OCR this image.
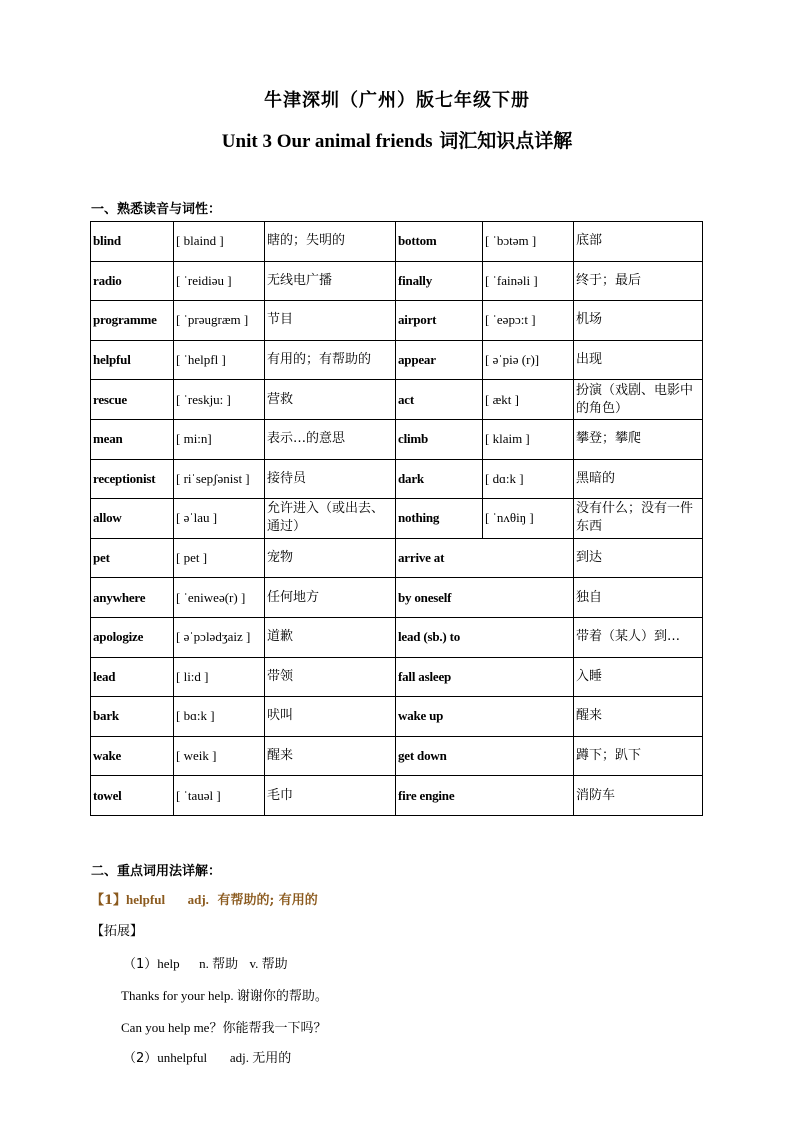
牛津深圳（广州）版七年级下册
Unit 3 Our animal friends 词汇知识点详解
一、熟悉读音与词性：
blind	[ blaind ]	瞎的；失明的	bottom	[ ˈbɔtəm ]	底部
radio	[ ˈreidiəu ]	无线电广播	finally	[ ˈfainəli ]	终于；最后
programme	[ ˈprəugræm ]	节目	airport	[ ˈeəpɔ:t ]	机场
helpful	[ ˈhelpfl ]	有用的；有帮助的	appear	[ əˈpiə (r)]	出现
rescue	[ ˈreskju: ]	营救	act	[ ækt ]	扮演（戏剧、电影中的角色）
mean	[ mi:n]	表示…的意思	climb	[ klaim ]	攀登；攀爬
receptionist	[ riˈsepʃənist ]	接待员	dark	[ dɑ:k ]	黑暗的
allow	[ əˈlau ]	允许进入（或出去、通过）	nothing	[ ˈnʌθiŋ ]	没有什么；没有一件东西
pet	[ pet ]	宠物	arrive at		到达
anywhere	[ ˈeniweə(r) ]	任何地方	by oneself		独自
apologize	[ əˈpɔlədʒaiz ]	道歉	lead (sb.) to		带着（某人）到…
lead	[ li:d ]	带领	fall asleep		入睡
bark	[ bɑ:k ]	吠叫	wake up		醒来
wake	[ weik ]	醒来	get down		蹲下；趴下
towel	[ ˈtauəl ]	毛巾	fire engine		消防车
二、重点词用法详解：
【1】helpful adj. 有帮助的; 有用的
【拓展】
（1）help      n. 帮助 v. 帮助
Thanks for your help. 谢谢你的帮助。
Can you help me？你能帮我一下吗？
（2）unhelpful       adj. 无用的
